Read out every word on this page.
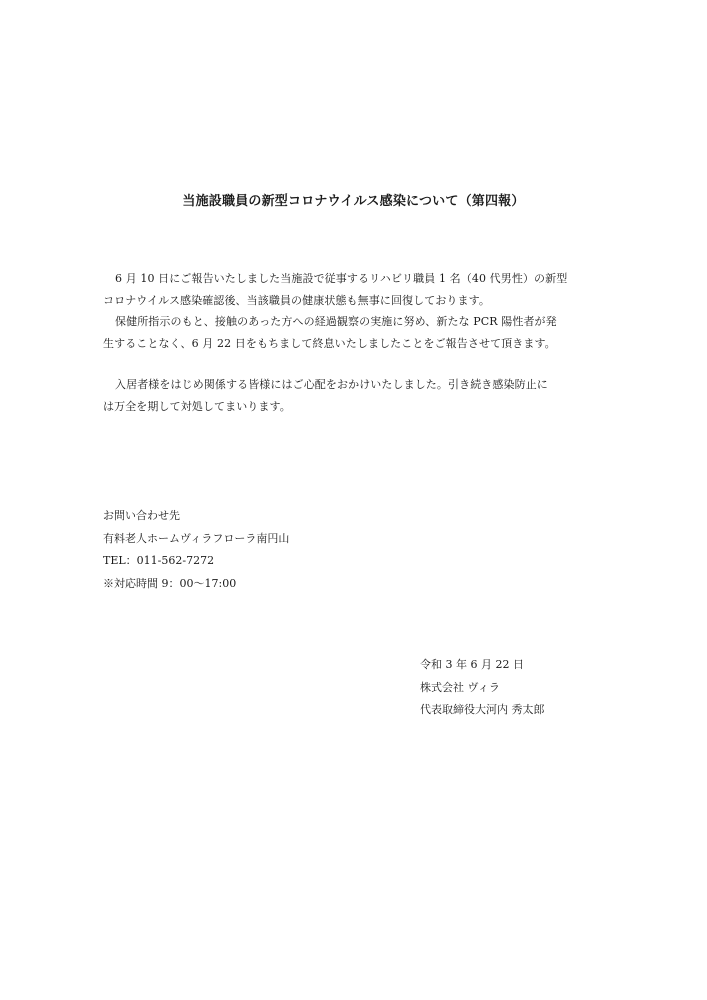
当施設職員の新型コロナウイルス感染について（第四報）
6 月 10 日にご報告いたしました当施設で従事するリハビリ職員 1 名（40 代男性）の新型
コロナウイルス感染確認後、当該職員の健康状態も無事に回復しております。
保健所指示のもと、接触のあった方への経過観察の実施に努め、新たな PCR 陽性者が発
生することなく、6 月 22 日をもちまして終息いたしましたことをご報告させて頂きます。
入居者様をはじめ関係する皆様にはご心配をおかけいたしました。引き続き感染防止に
は万全を期して対処してまいります。
お問い合わせ先
有料老人ホームヴィラフローラ南円山
TEL：011-562-7272
※対応時間 9：00～17:00
令和 3 年 6 月 22 日
株式会社 ヴィラ
代表取締役大河内 秀太郎
